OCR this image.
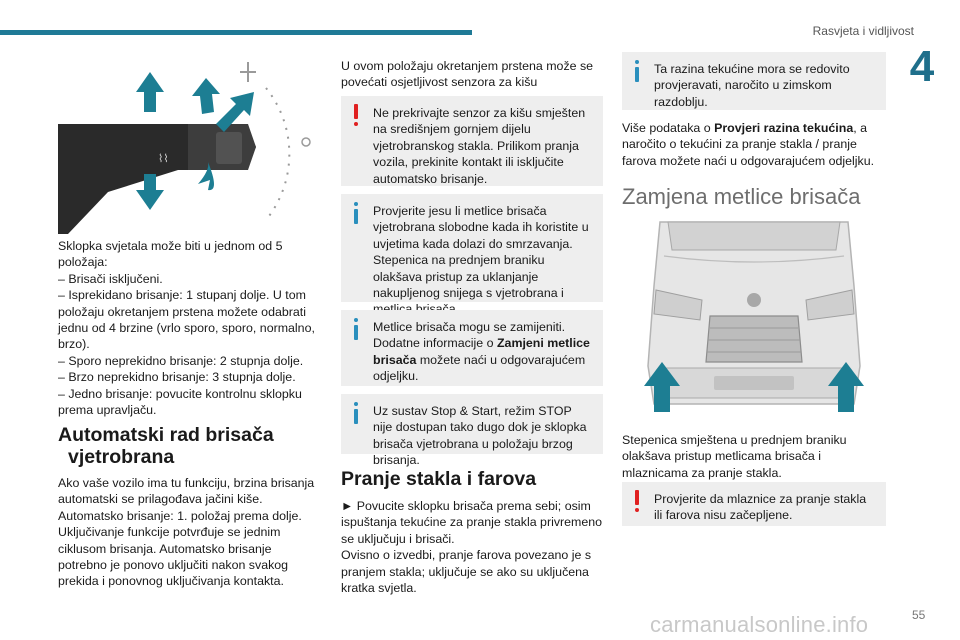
Rasvjeta i vidljivost
4
⌇⌇
Sklopka svjetala može biti u jednom od 5 položaja:
– Brisači isključeni.
– Isprekidano brisanje: 1 stupanj dolje. U tom položaju okretanjem prstena možete odabrati jednu od 4 brzine (vrlo sporo, sporo, normalno, brzo).
– Sporo neprekidno brisanje: 2 stupnja dolje.
– Brzo neprekidno brisanje: 3 stupnja dolje.
– Jedno brisanje: povucite kontrolnu sklopku prema upravljaču.
Automatski rad brisača
vjetrobrana
Ako vaše vozilo ima tu funkciju, brzina brisanja automatski se prilagođava jačini kiše. Automatsko brisanje: 1. položaj prema dolje. Uključivanje funkcije potvrđuje se jednim ciklusom brisanja. Automatsko brisanje potrebno je ponovo uključiti nakon svakog prekida i ponovnog uključivanja kontakta.
U ovom položaju okretanjem prstena može se povećati osjetljivost senzora za kišu
Ne prekrivajte senzor za kišu smješten na središnjem gornjem dijelu vjetrobranskog stakla. Prilikom pranja vozila, prekinite kontakt ili isključite automatsko brisanje.
Provjerite jesu li metlice brisača vjetrobrana slobodne kada ih koristite u uvjetima kada dolazi do smrzavanja. Stepenica na prednjem braniku olakšava pristup za uklanjanje nakupljenog snijega s vjetrobrana i
Metlice brisača mogu se zamijeniti. Dodatne informacije o Zamjeni metlice brisača možete naći u odgovarajućem odjeljku.
Uz sustav Stop & Start, režim STOP nije dostupan tako dugo dok je sklopka brisača vjetrobrana u položaju brzog brisanja.
Pranje stakla i farova
► Povucite sklopku brisača prema sebi; osim ispuštanja tekućine za pranje stakla privremeno se uključuju i brisači.
Ovisno o izvedbi, pranje farova povezano je s pranjem stakla; uključuje se ako su uključena kratka svjetla.
Ta razina tekućine mora se redovito provjeravati, naročito u zimskom razdoblju.
Više podataka o Provjeri razina tekućina, a naročito o tekućini za pranje stakla / pranje farova možete naći u odgovarajućem odjeljku.
Zamjena metlice brisača
Stepenica smještena u prednjem braniku olakšava pristup metlicama brisača i mlaznicama za pranje stakla.
Provjerite da mlaznice za pranje stakla ili farova nisu začepljene.
carmanualsonline.info	55
